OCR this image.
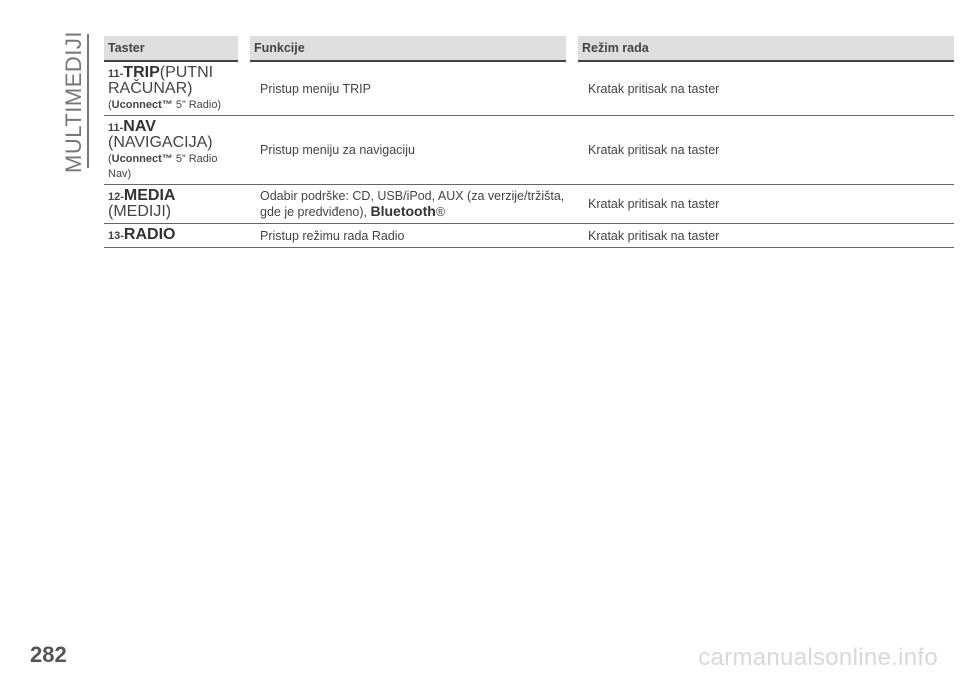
MULTIMEDIJI Taster	Funkcije	Režim rada
11-TRIP(PUTNI RAČUNAR)
(Uconnect™ 5” Radio)	Pristup meniju TRIP	Kratak pritisak na taster
11-NAV
(NAVIGACIJA)
(Uconnect™ 5” Radio Nav)	Pristup meniju za navigaciju	Kratak pritisak na taster
12-MEDIA
(MEDIJI)	Odabir podrške: CD, USB/iPod, AUX (za verzije/tržišta, gde je predviđeno), Bluetooth®	Kratak pritisak na taster
13-RADIO	Pristup režimu rada Radio	Kratak pritisak na taster
282	carmanualsonline.info
